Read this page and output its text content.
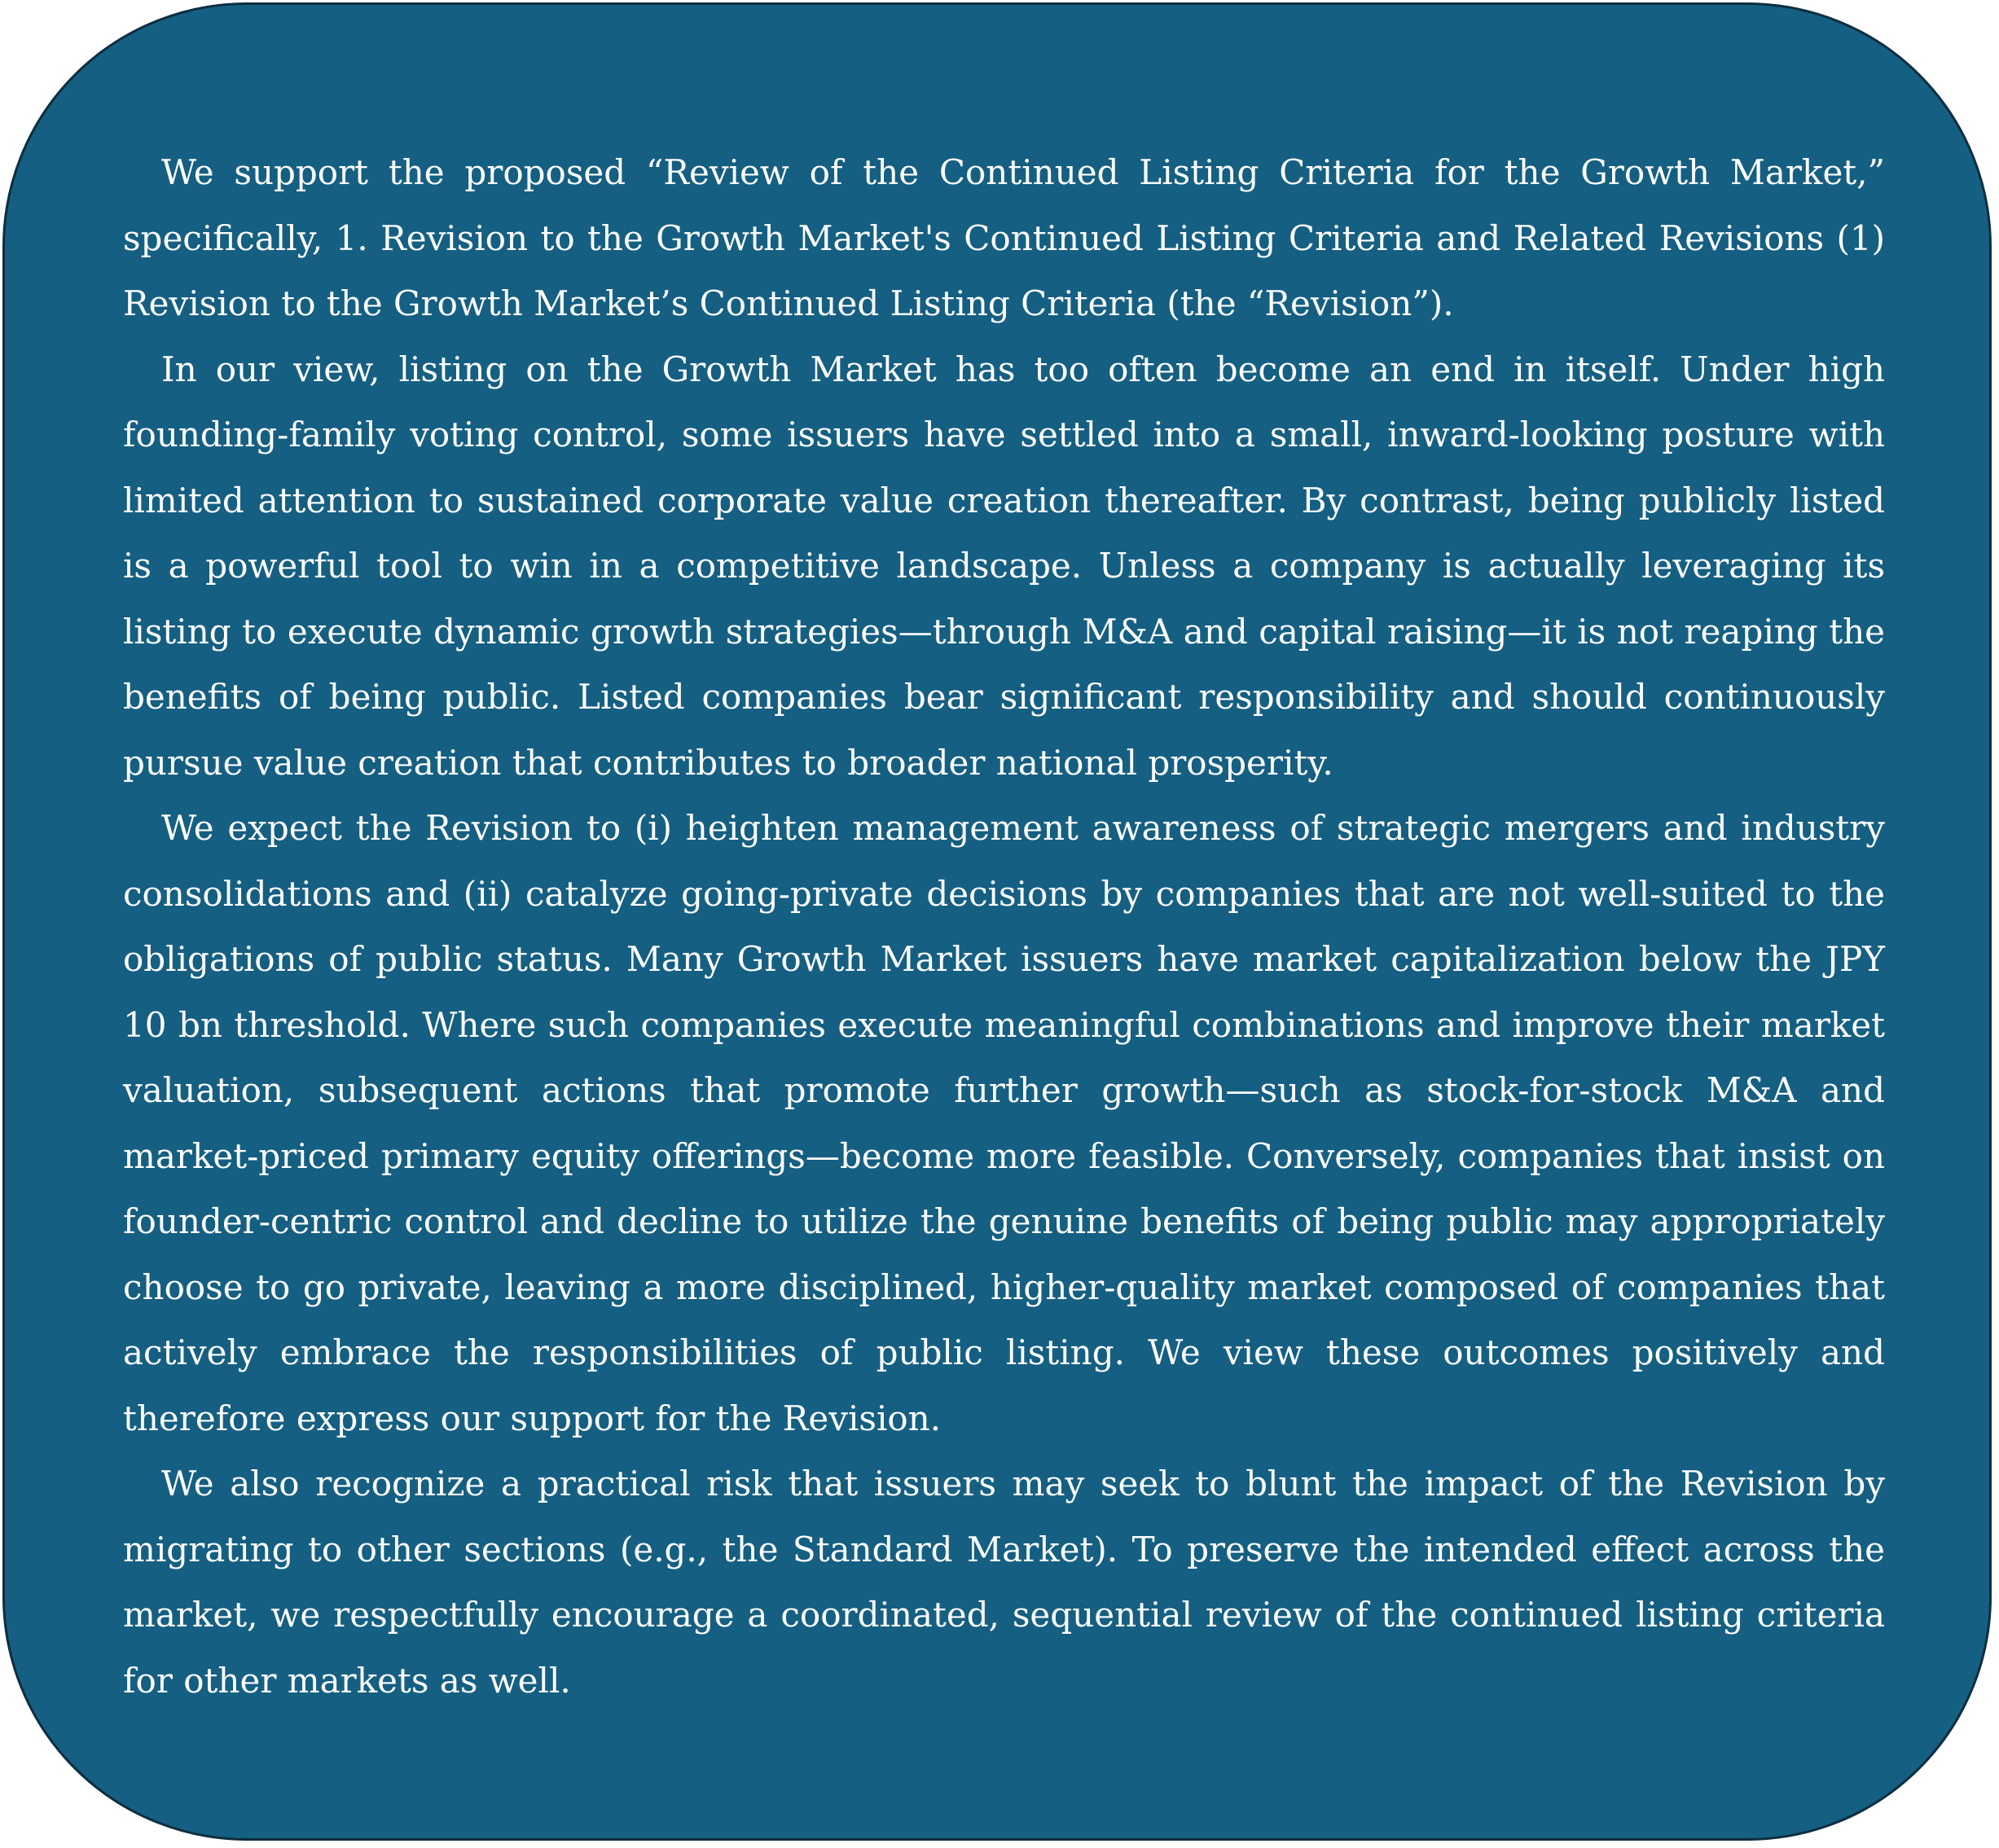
We support the proposed “Review of the Continued Listing Criteria for the Growth Market,” specifically, 1. Revision to the Growth Market's Continued Listing Criteria and Related Revisions (1) Revision to the Growth Market’s Continued Listing Criteria (the “Revision”).

In our view, listing on the Growth Market has too often become an end in itself. Under high founding-family voting control, some issuers have settled into a small, inward-looking posture with limited attention to sustained corporate value creation thereafter. By contrast, being publicly listed is a powerful tool to win in a competitive landscape. Unless a company is actually leveraging its listing to execute dynamic growth strategies—through M&A and capital raising—it is not reaping the benefits of being public. Listed companies bear significant responsibility and should continuously pursue value creation that contributes to broader national prosperity.

We expect the Revision to (i) heighten management awareness of strategic mergers and industry consolidations and (ii) catalyze going-private decisions by companies that are not well-suited to the obligations of public status. Many Growth Market issuers have market capitalization below the JPY 10 bn threshold. Where such companies execute meaningful combinations and improve their market valuation, subsequent actions that promote further growth—such as stock-for-stock M&A and market-priced primary equity offerings—become more feasible. Conversely, companies that insist on founder-centric control and decline to utilize the genuine benefits of being public may appropriately choose to go private, leaving a more disciplined, higher-quality market composed of companies that actively embrace the responsibilities of public listing. We view these outcomes positively and therefore express our support for the Revision.

We also recognize a practical risk that issuers may seek to blunt the impact of the Revision by migrating to other sections (e.g., the Standard Market). To preserve the intended effect across the market, we respectfully encourage a coordinated, sequential review of the continued listing criteria for other markets as well.
